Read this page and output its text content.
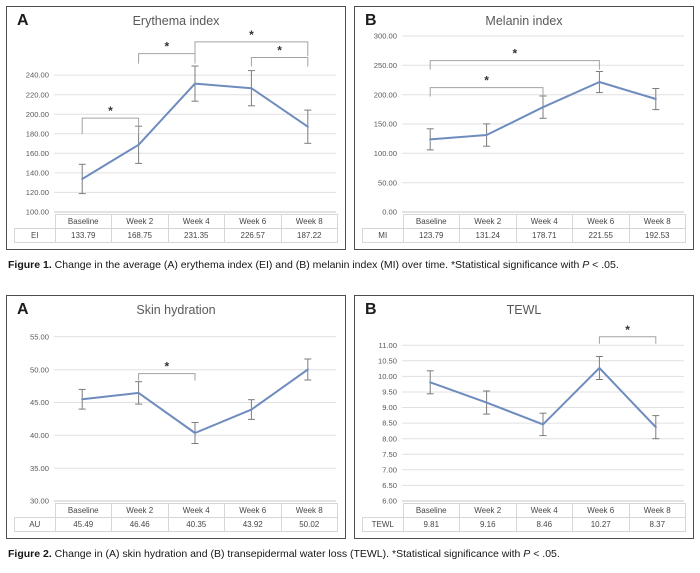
A	Erythema index
100.00
120.00
140.00
160.00
180.00
200.00
220.00
240.00
*
*
*
*
	Baseline	Week 2	Week 4	Week 6	Week 8
EI	133.79	168.75	231.35	226.57	187.22
B	Melanin index
0.00
50.00
100.00
150.00
200.00
250.00
300.00
*
*
	Baseline	Week 2	Week 4	Week 6	Week 8
MI	123.79	131.24	178.71	221.55	192.53

Figure 1. Change in the average (A) erythema index (EI) and (B) melanin index (MI) over time. *Statistical significance with P < .05.

A	Skin hydration
30.00
35.00
40.00
45.00
50.00
55.00
*
	Baseline	Week 2	Week 4	Week 6	Week 8
AU	45.49	46.46	40.35	43.92	50.02
B	TEWL
6.00
6.50
7.00
7.50
8.00
8.50
9.00
9.50
10.00
10.50
11.00
*
	Baseline	Week 2	Week 4	Week 6	Week 8
TEWL	9.81	9.16	8.46	10.27	8.37

Figure 2. Change in (A) skin hydration and (B) transepidermal water loss (TEWL). *Statistical significance with P < .05.
